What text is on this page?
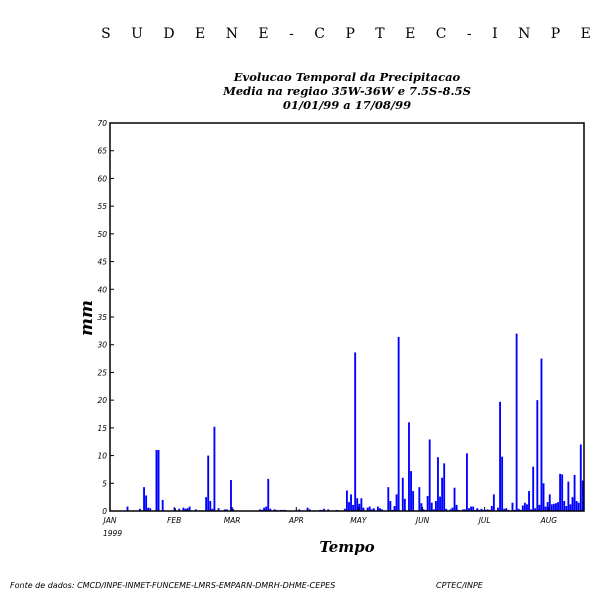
S U D E N E - C P T E C - I N P E
Evolucao Temporal da Precipitacao
Media na regiao 35W-36W e 7.5S-8.5S
01/01/99 a 17/08/99
0
5
10
15
20
25
30
35
40
45
50
55
60
65
70
JAN	FEB	MAR	APR	MAY	JUN	JUL	AUG
mm
Tempo
1999
Fonte de dados: CMCD/INPE-INMET-FUNCEME-LMRS-EMPARN-DMRH-DHME-CEPES	CPTEC/INPE
